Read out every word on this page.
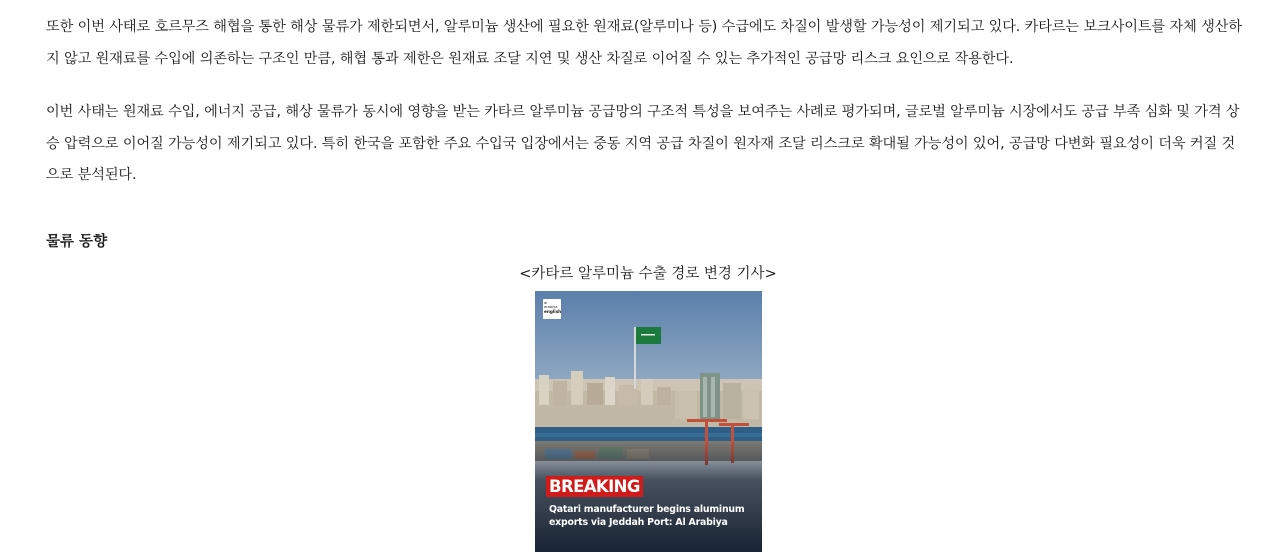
또한 이번 사태로 호르무즈 해협을 통한 해상 물류가 제한되면서, 알루미늄 생산에 필요한 원재료(알루미나 등) 수급에도 차질이 발생할 가능성이 제기되고 있다. 카타르는 보크사이트를 자체 생산하지 않고 원재료를 수입에 의존하는 구조인 만큼, 해협 통과 제한은 원재료 조달 지연 및 생산 차질로 이어질 수 있는 추가적인 공급망 리스크 요인으로 작용한다.

이번 사태는 원재료 수입, 에너지 공급, 해상 물류가 동시에 영향을 받는 카타르 알루미늄 공급망의 구조적 특성을 보여주는 사례로 평가되며, 글로벌 알루미늄 시장에서도 공급 부족 심화 및 가격 상승 압력으로 이어질 가능성이 제기되고 있다. 특히 한국을 포함한 주요 수입국 입장에서는 중동 지역 공급 차질이 원자재 조달 리스크로 확대될 가능성이 있어, 공급망 다변화 필요성이 더욱 커질 것으로 분석된다.

물류 동향

<카타르 알루미늄 수출 경로 변경 기사>

al arabiya
english
BREAKING
Qatari manufacturer begins aluminum exports via Jeddah Port: Al Arabiya
